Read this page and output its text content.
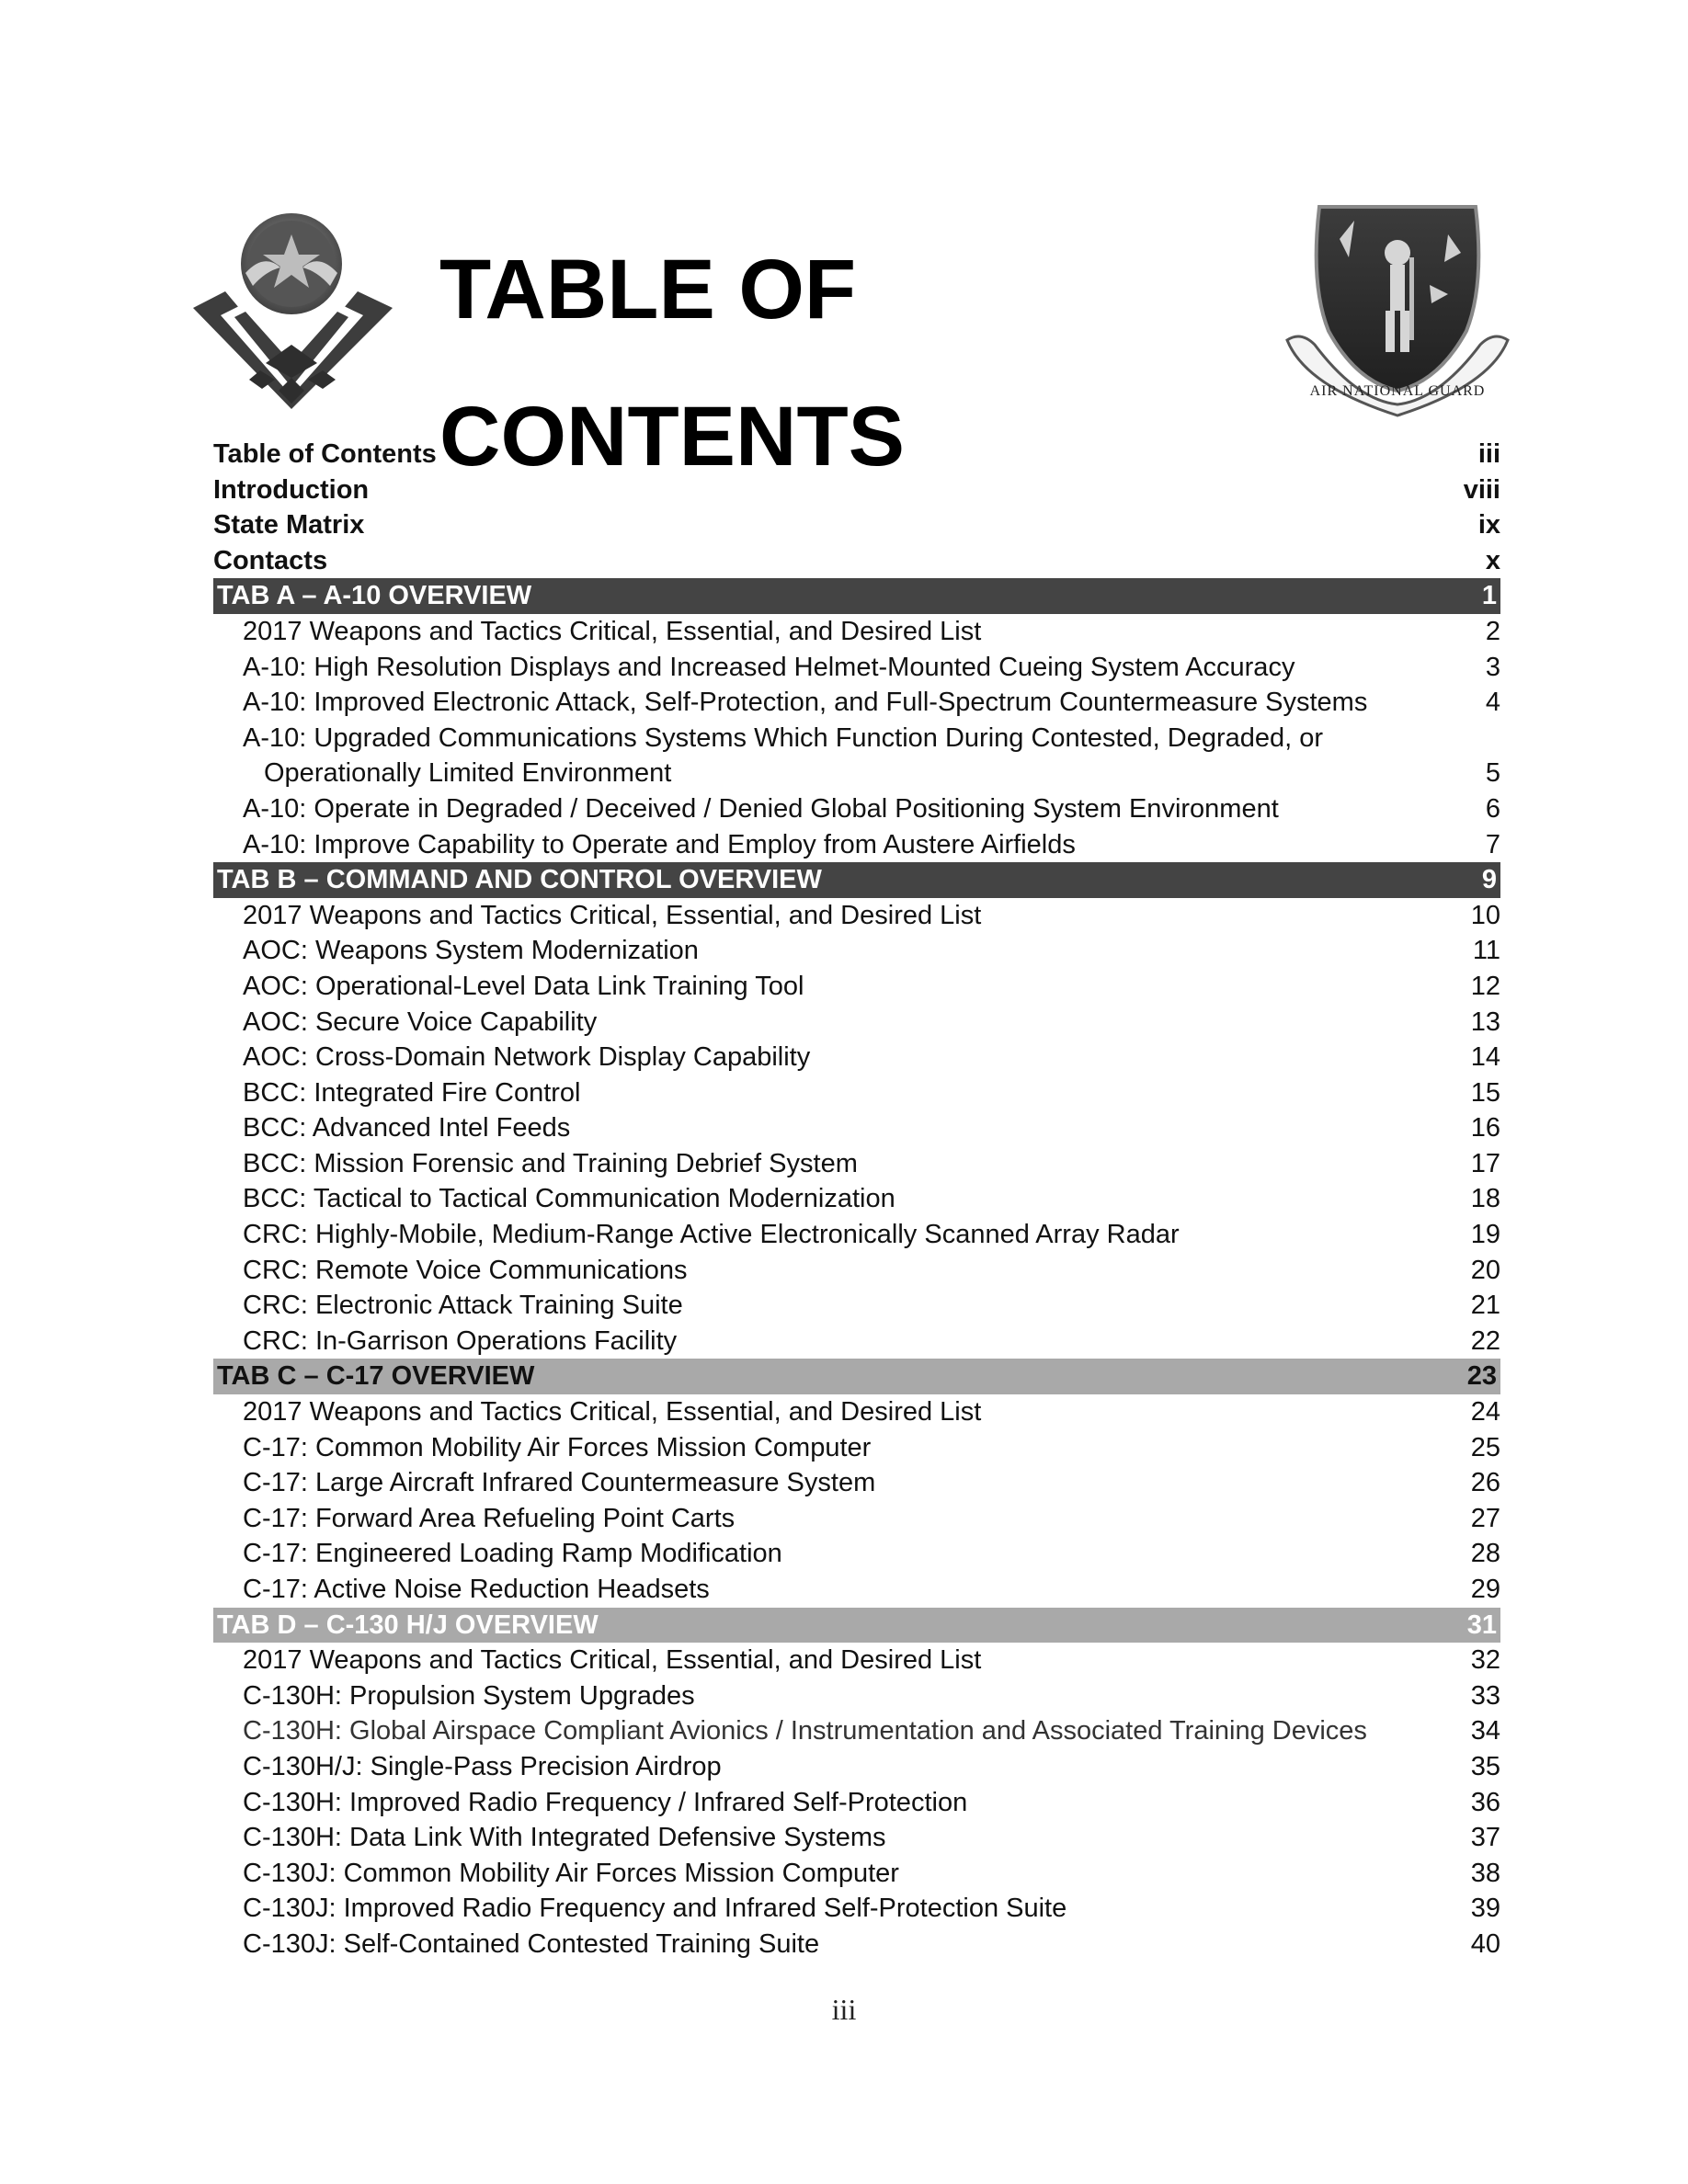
TABLE OF CONTENTS	AIR NATIONAL GUARD
Table of Contents	iii
Introduction	viii
State Matrix	ix
Contacts	x
TAB A – A-10 OVERVIEW	1
2017 Weapons and Tactics Critical, Essential, and Desired List	2
A-10: High Resolution Displays and Increased Helmet-Mounted Cueing System Accuracy	3
A-10: Improved Electronic Attack, Self-Protection, and Full-Spectrum Countermeasure Systems	4
A-10: Upgraded Communications Systems Which Function During Contested, Degraded, or
Operationally Limited Environment	5
A-10: Operate in Degraded / Deceived / Denied Global Positioning System Environment	6
A-10: Improve Capability to Operate and Employ from Austere Airfields	7
TAB B – COMMAND AND CONTROL OVERVIEW	9
2017 Weapons and Tactics Critical, Essential, and Desired List	10
AOC: Weapons System Modernization	11
AOC: Operational-Level Data Link Training Tool	12
AOC: Secure Voice Capability	13
AOC: Cross-Domain Network Display Capability	14
BCC: Integrated Fire Control	15
BCC: Advanced Intel Feeds	16
BCC: Mission Forensic and Training Debrief System	17
BCC: Tactical to Tactical Communication Modernization	18
CRC: Highly-Mobile, Medium-Range Active Electronically Scanned Array Radar	19
CRC: Remote Voice Communications	20
CRC: Electronic Attack Training Suite	21
CRC: In-Garrison Operations Facility	22
TAB C – C-17 OVERVIEW	23
2017 Weapons and Tactics Critical, Essential, and Desired List	24
C-17: Common Mobility Air Forces Mission Computer	25
C-17: Large Aircraft Infrared Countermeasure System	26
C-17: Forward Area Refueling Point Carts	27
C-17: Engineered Loading Ramp Modification	28
C-17: Active Noise Reduction Headsets	29
TAB D – C-130 H/J OVERVIEW	31
2017 Weapons and Tactics Critical, Essential, and Desired List	32
C-130H: Propulsion System Upgrades	33
C-130H: Global Airspace Compliant Avionics / Instrumentation and Associated Training Devices	34
C-130H/J: Single-Pass Precision Airdrop	35
C-130H: Improved Radio Frequency / Infrared Self-Protection	36
C-130H: Data Link With Integrated Defensive Systems	37
C-130J: Common Mobility Air Forces Mission Computer	38
C-130J: Improved Radio Frequency and Infrared Self-Protection Suite	39
C-130J: Self-Contained Contested Training Suite	40
iii
